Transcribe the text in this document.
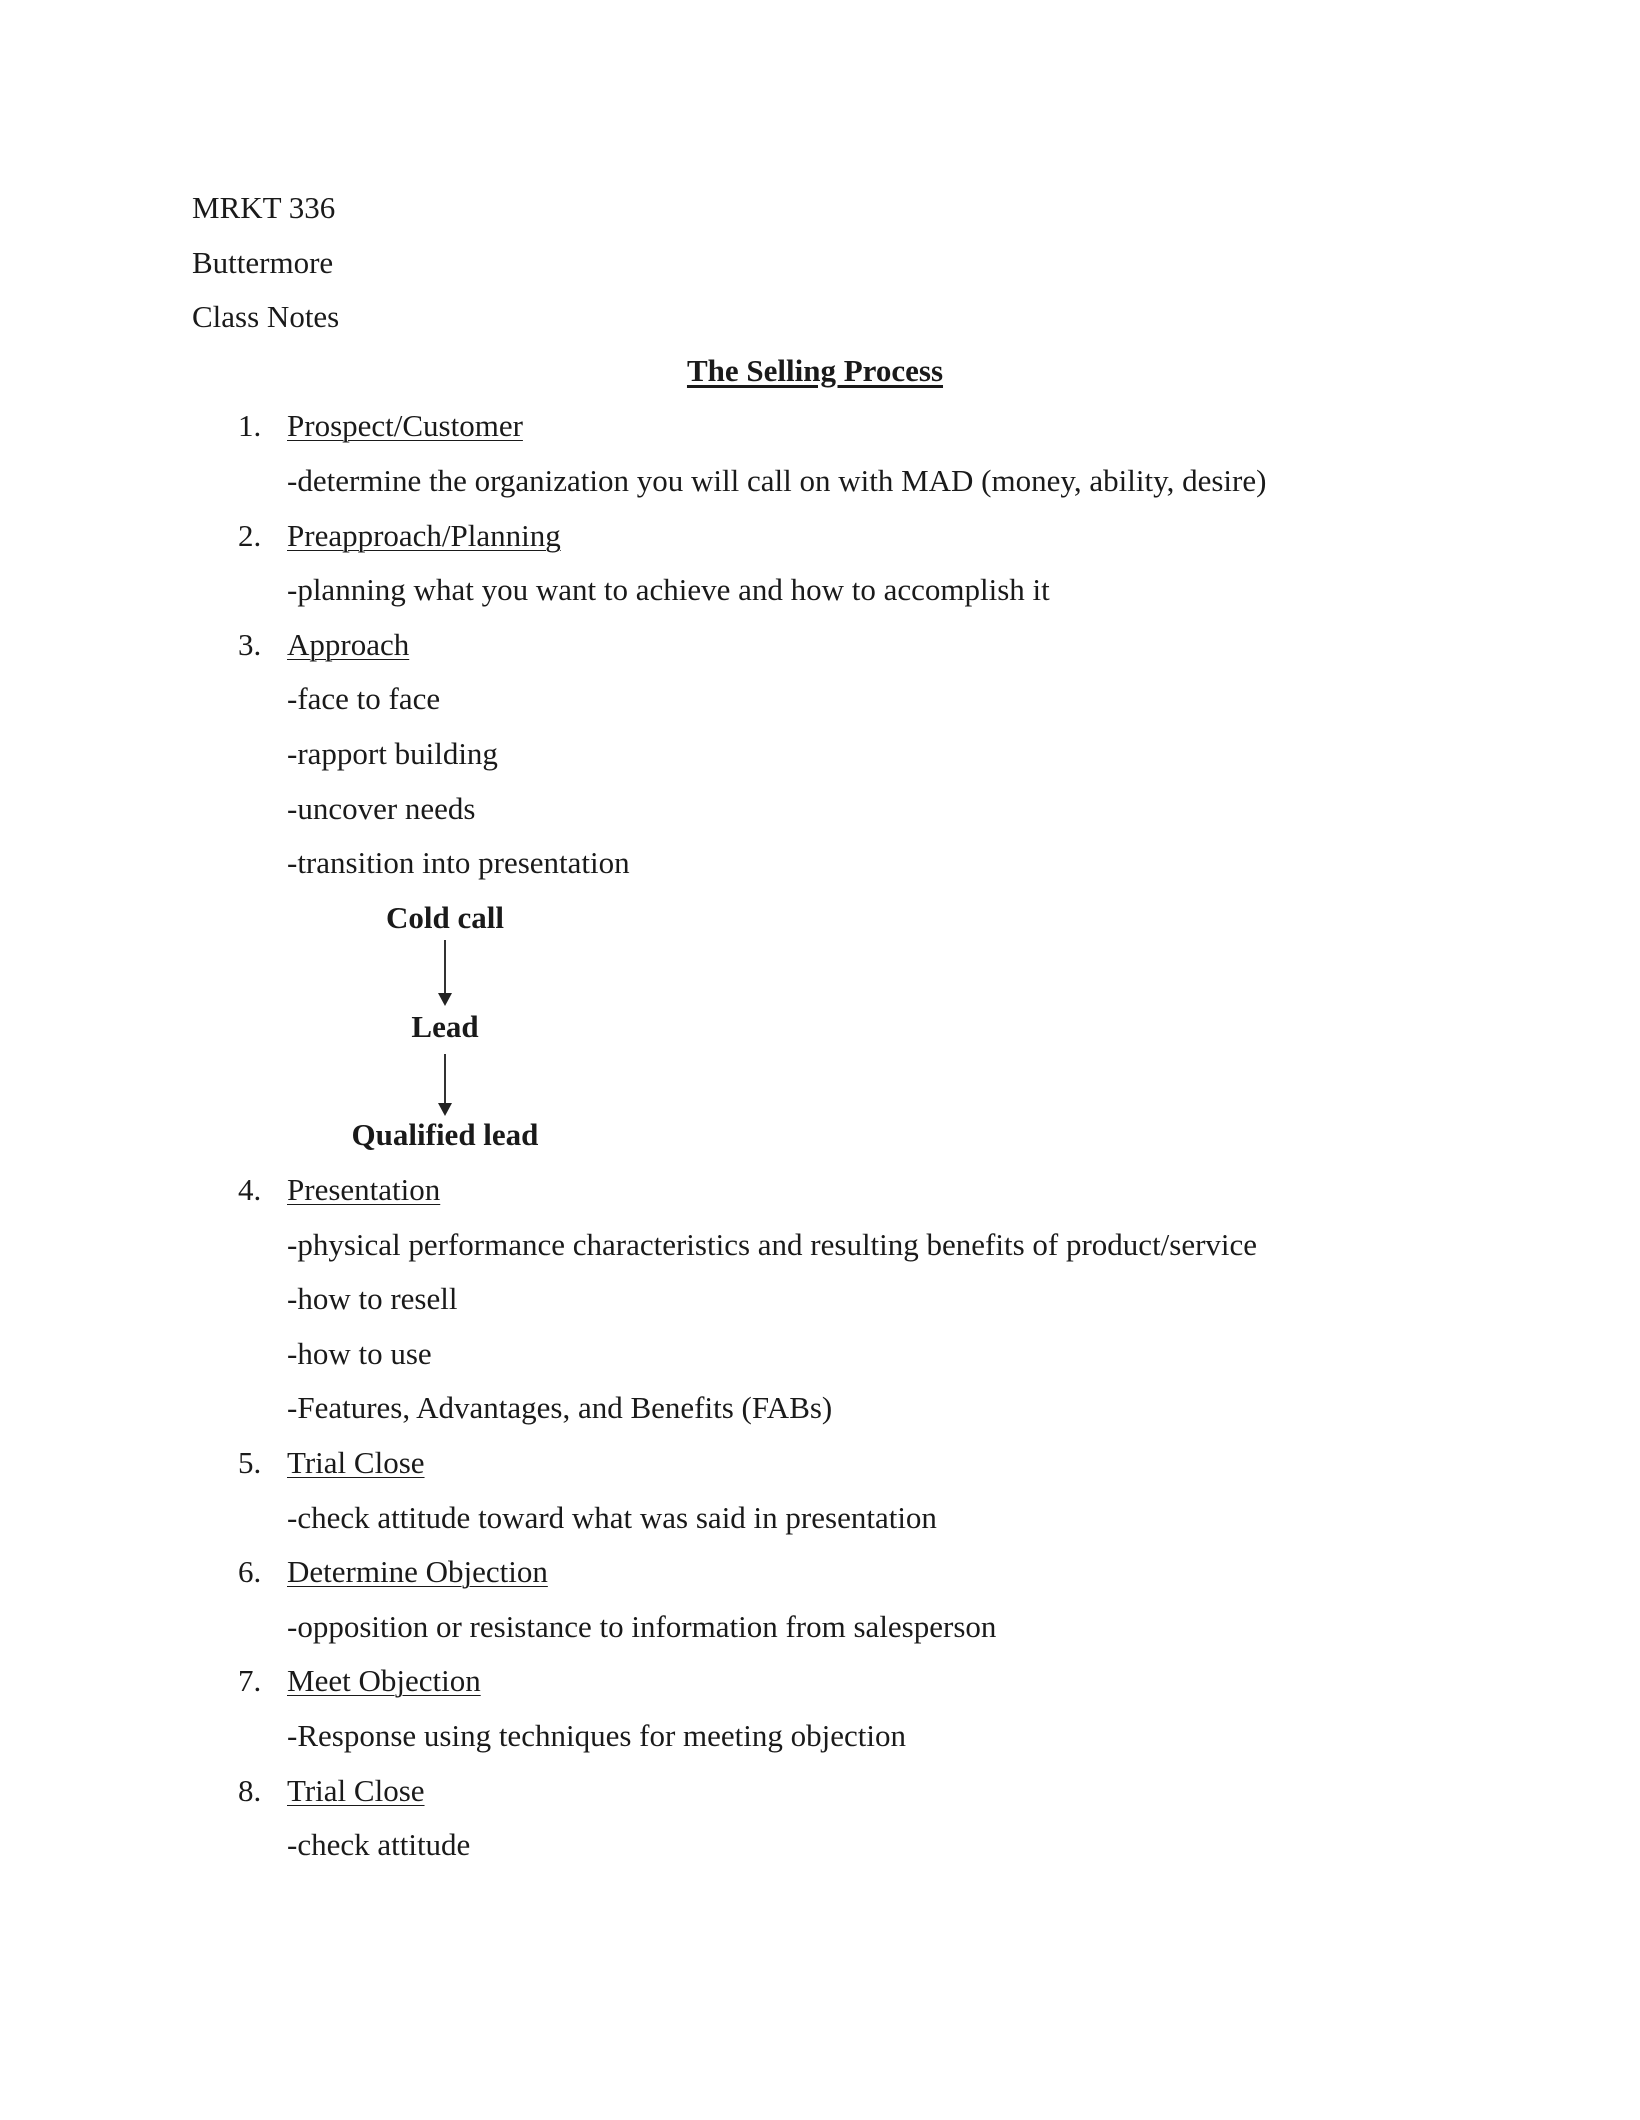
MRKT 336
Buttermore
Class Notes
The Selling Process
1. Prospect/Customer
-determine the organization you will call on with MAD (money, ability, desire)
2. Preapproach/Planning
-planning what you want to achieve and how to accomplish it
3. Approach
-face to face
-rapport building
-uncover needs
-transition into presentation
Cold call
Lead
Qualified lead
4. Presentation
-physical performance characteristics and resulting benefits of product/service
-how to resell
-how to use
-Features, Advantages, and Benefits (FABs)
5. Trial Close
-check attitude toward what was said in presentation
6. Determine Objection
-opposition or resistance to information from salesperson
7. Meet Objection
-Response using techniques for meeting objection
8. Trial Close
-check attitude
